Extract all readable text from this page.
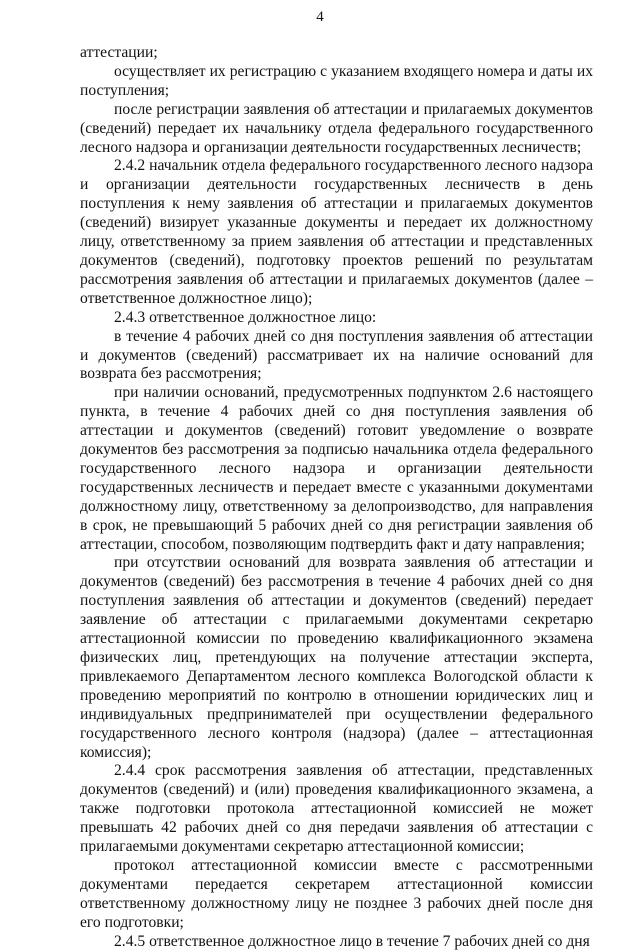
4

аттестации;

осуществляет их регистрацию с указанием входящего номера и даты их поступления;

после регистрации заявления об аттестации и прилагаемых документов (сведений) передает их начальнику отдела федерального государственного лесного надзора и организации деятельности государственных лесничеств;

2.4.2 начальник отдела федерального государственного лесного надзора и организации деятельности государственных лесничеств в день поступления к нему заявления об аттестации и прилагаемых документов (сведений) визирует указанные документы и передает их должностному лицу, ответственному за прием заявления об аттестации и представленных документов (сведений), подготовку проектов решений по результатам рассмотрения заявления об аттестации и прилагаемых документов (далее – ответственное должностное лицо);

2.4.3 ответственное должностное лицо:

в течение 4 рабочих дней со дня поступления заявления об аттестации и документов (сведений) рассматривает их на наличие оснований для возврата без рассмотрения;

при наличии оснований, предусмотренных подпунктом 2.6 настоящего пункта, в течение 4 рабочих дней со дня поступления заявления об аттестации и документов (сведений) готовит уведомление о возврате документов без рассмотрения за подписью начальника отдела федерального государственного лесного надзора и организации деятельности государственных лесничеств и передает вместе с указанными документами должностному лицу, ответственному за делопроизводство, для направления в срок, не превышающий 5 рабочих дней со дня регистрации заявления об аттестации, способом, позволяющим подтвердить факт и дату направления;

при отсутствии оснований для возврата заявления об аттестации и документов (сведений) без рассмотрения в течение 4 рабочих дней со дня поступления заявления об аттестации и документов (сведений) передает заявление об аттестации с прилагаемыми документами секретарю аттестационной комиссии по проведению квалификационного экзамена физических лиц, претендующих на получение аттестации эксперта, привлекаемого Департаментом лесного комплекса Вологодской области к проведению мероприятий по контролю в отношении юридических лиц и индивидуальных предпринимателей при осуществлении федерального государственного лесного контроля (надзора) (далее – аттестационная комиссия);

2.4.4 срок рассмотрения заявления об аттестации, представленных документов (сведений) и (или) проведения квалификационного экзамена, а также подготовки протокола аттестационной комиссией не может превышать 42 рабочих дней со дня передачи заявления об аттестации с прилагаемыми документами секретарю аттестационной комиссии;

протокол аттестационной комиссии вместе с рассмотренными документами передается секретарем аттестационной комиссии ответственному должностному лицу не позднее 3 рабочих дней после дня его подготовки;

2.4.5 ответственное должностное лицо в течение 7 рабочих дней со дня
